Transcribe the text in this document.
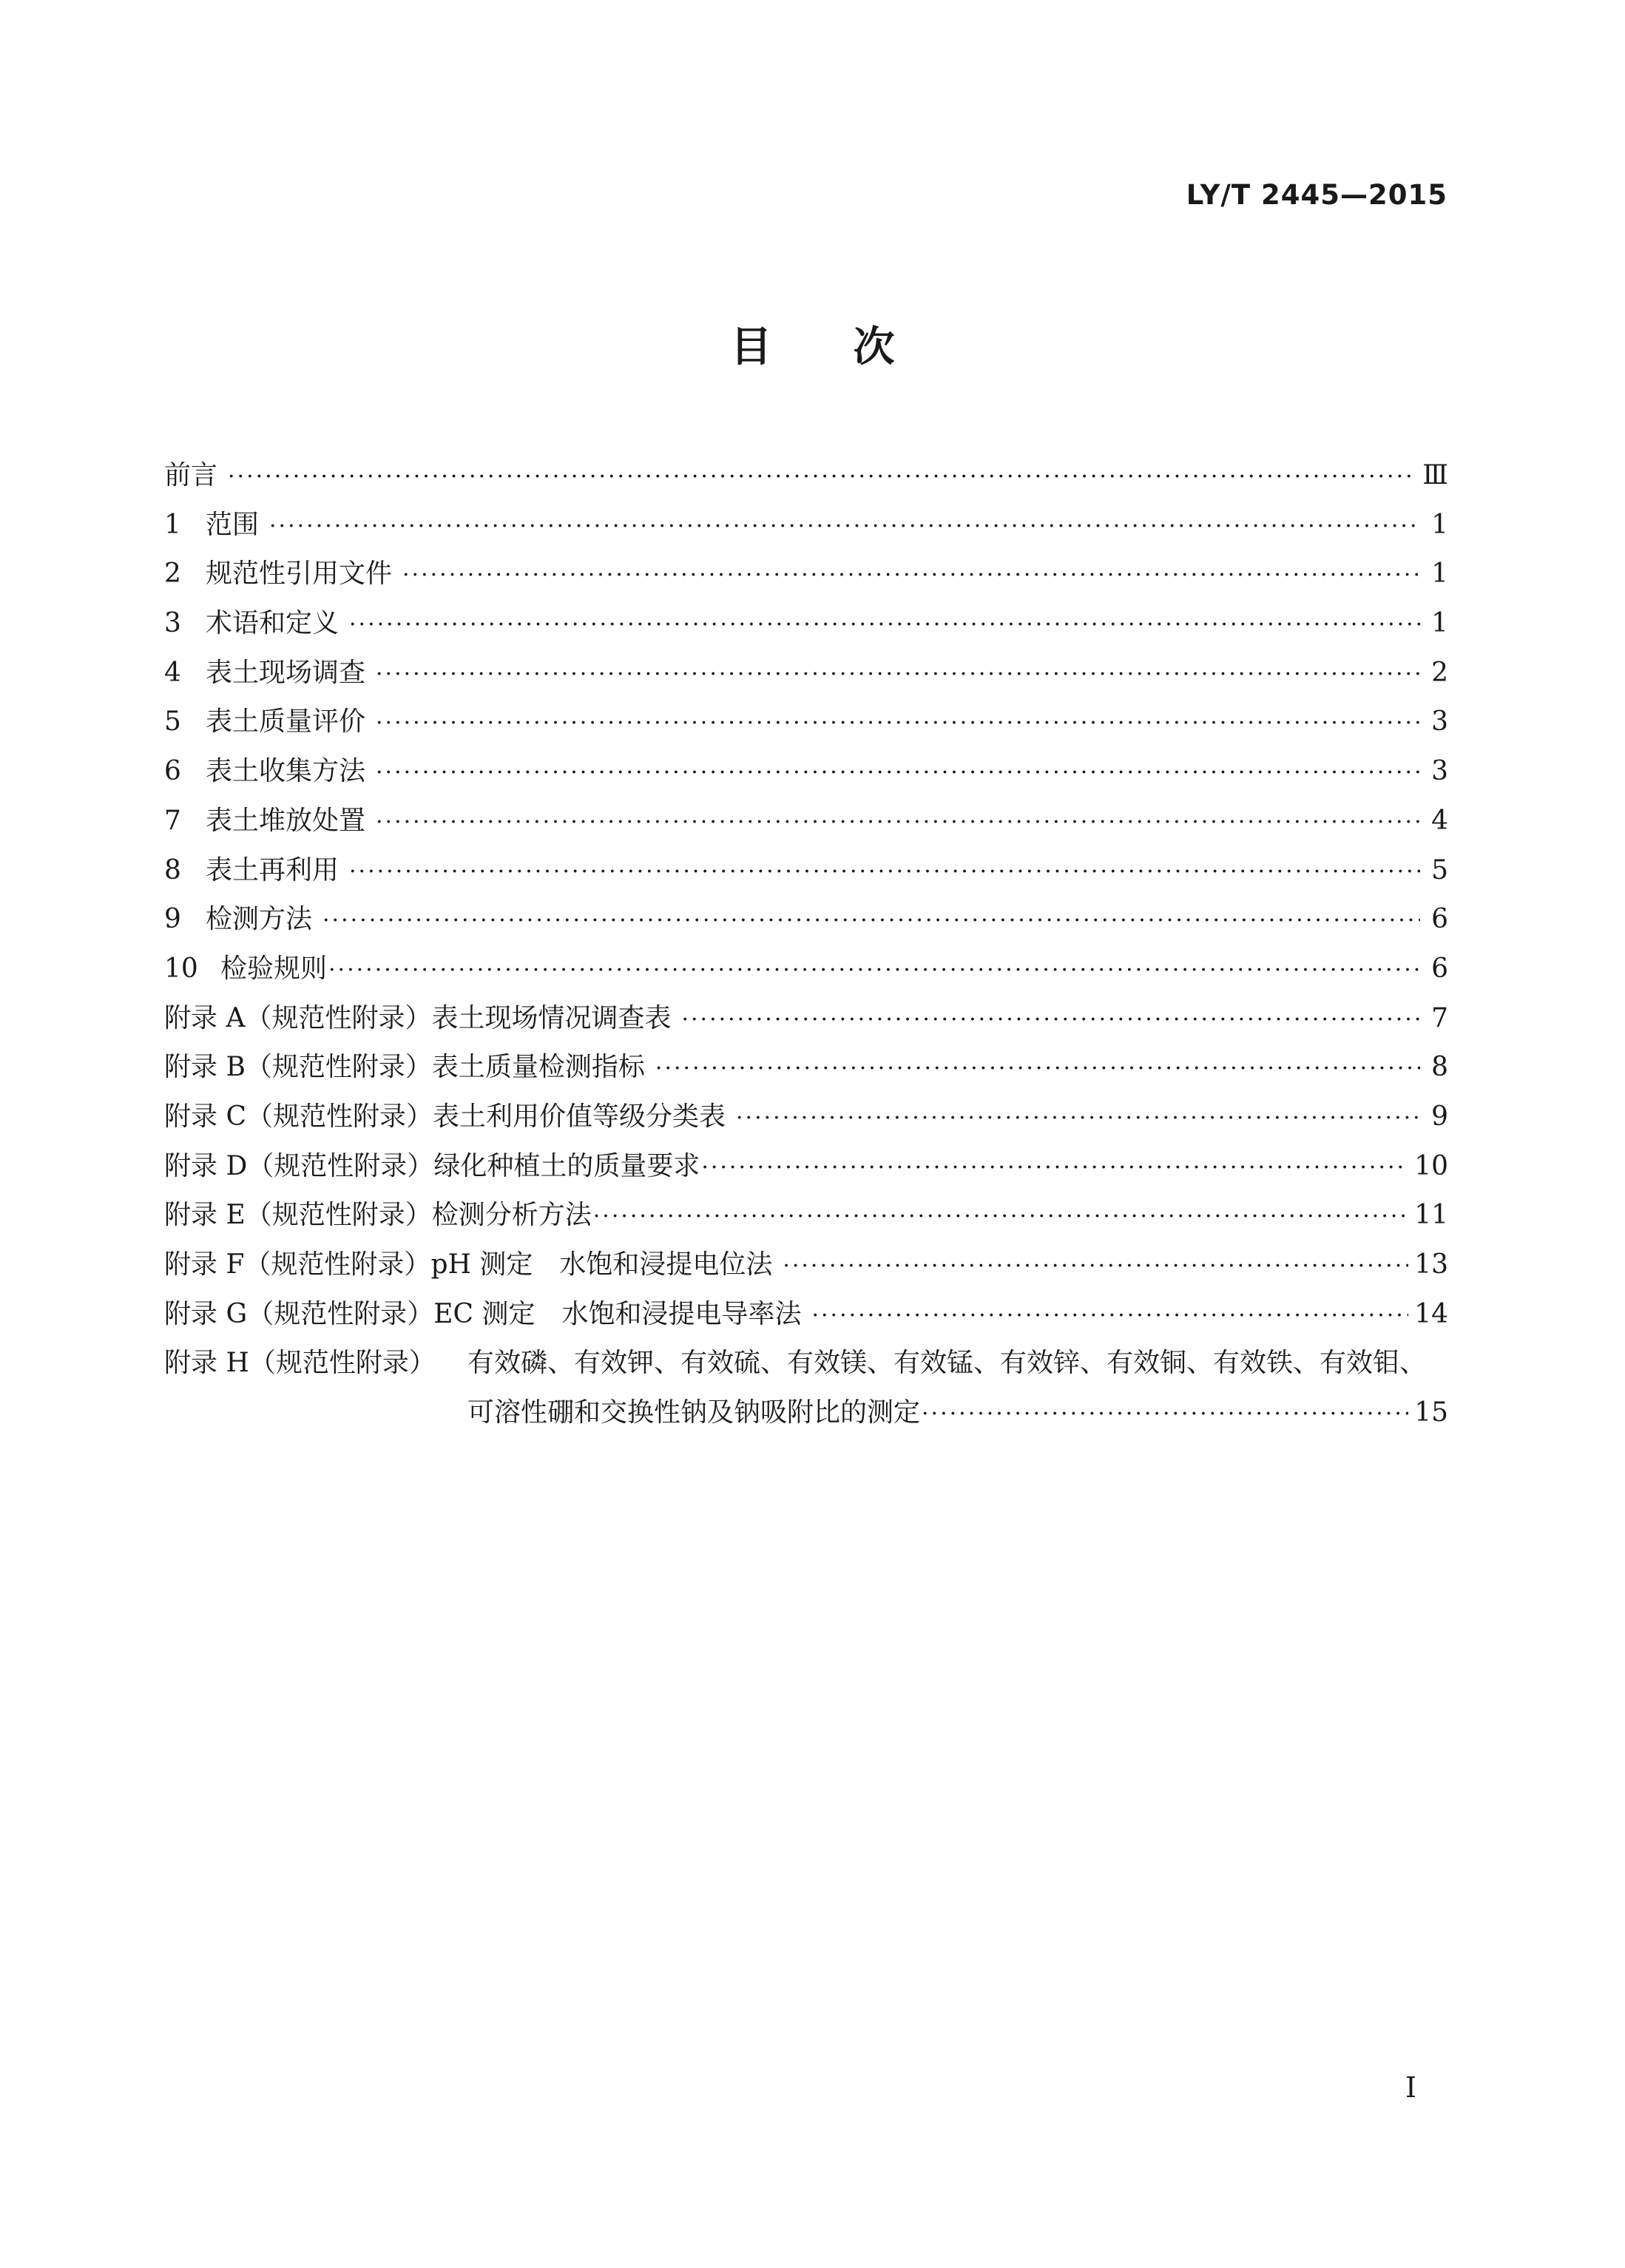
LY/T 2445—2015
目次
前言 ·····	Ⅲ
1 范围 ·····	1
2 规范性引用文件 ·····	1
3 术语和定义 ·····	1
4 表土现场调查 ·····	2
5 表土质量评价 ·····	3
6 表土收集方法 ·····	3
7 表土堆放处置 ·····	4
8 表土再利用 ·····	5
9 检测方法 ·····	6
10 检验规则 ·····	6
附录 A（规范性附录） 表土现场情况调查表 ·····	7
附录 B（规范性附录） 表土质量检测指标 ·····	8
附录 C（规范性附录） 表土利用价值等级分类表 ·····	9
附录 D（规范性附录） 绿化种植土的质量要求 ·····	10
附录 E（规范性附录） 检测分析方法 ·····	11
附录 F（规范性附录） pH 测定　水饱和浸提电位法 ·····	13
附录 G（规范性附录） EC 测定　水饱和浸提电导率法 ·····	14
附录 H（规范性附录）	有效磷、有效钾、有效硫、有效镁、有效锰、有效锌、有效铜、有效铁、有效钼、
可溶性硼和交换性钠及钠吸附比的测定 ·····	15
Ⅰ
